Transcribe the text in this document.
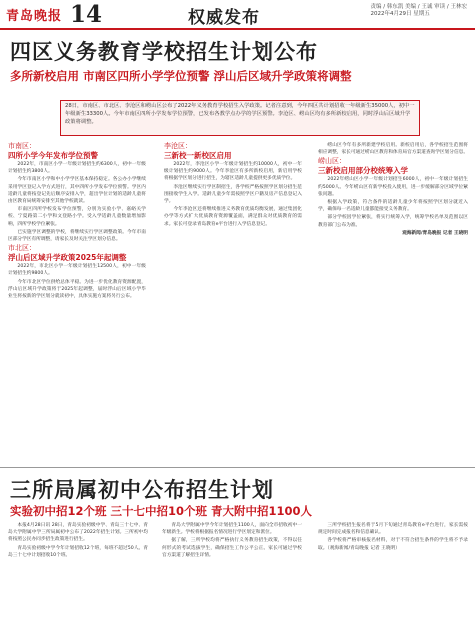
青岛晚报 14	权威发布
责编 / 韩东凯 美编 / 王诚 审读 / 王林宏
2022年4月29日 星期五
四区义务教育学校招生计划公布
多所新校启用 市南区四所小学学位预警 浮山后区域升学政策将调整
28日，市南区、市北区、李沧区和崂山区公布了2022年义务教育学校招生入学政策。记者注意到，今年四区共计划招收一年级新生35000人，初中一年级新生33300人。今年市南区四所小学发布学位预警，已发布各教学点办学的学区预警。李沧区、崂山区均有多所新校启用，同时浮山后区域升学政策将调整。

市南区：
四所小学今年发布学位预警

2022年，市南区小学一年级计划招生约6300人，初中一年级计划招生约3800人。

今年市南区小学和中小学学区基本保持稳定。各公办小学继续采用学区登记入学方式进行，其中四所小学发布学位预警。学区内适龄儿童将按登记先后顺序安排入学，超出学位计划的适龄儿童将由区教育局统筹安排至其他学校就读。

市南区四所学校发布学位预警，分别为实验小学、嘉峪关学校、宁夏路第二小学和文登路小学。受入学适龄儿童数量增加影响，四所学校学位紧张。

已实施学区调整的学校，将继续实行学区调整政策。今年市南区部分学区有所调整，请家长及时关注学区划分信息。

市北区：
浮山后区域升学政策2025年起调整

2022年，市北区小学一年级计划招生12500人，初中一年级计划招生约9800人。

今年市北区学位供给总体平稳。为进一步优化教育资源配置，浮山后区域升学政策将于2025年起调整，届时浮山后区域小学毕业生将按新的学区划分就读初中，具体实施方案将另行公布。

李沧区：
三新校一新校区启用

2022年，李沧区小学一年级计划招生约10000人，初中一年级计划招生约9000人。今年李沧区有多所新校启用，新启用学校将根据学区划分进行招生，为辖区适龄儿童提供更多优质学位。

李沧区继续实行学区制招生，各学校严格按照学区划分招生范围接收学生入学。适龄儿童少年需按照学区户籍及房产信息登记入学。

今年李沧区还将继续推进义务教育优质均衡发展，通过集团化办学等方式扩大优质教育资源覆盖面，满足群众对优质教育的需求。家长可登录青岛教育e平台进行入学信息登记。

崂山区今年有多所新建学校启用。新校启用后，各学校招生范围将相应调整，家长可通过崂山区教育和体育局官方渠道查询学区划分信息。

崂山区：
三新校启用部分校统筹入学

2022年崂山区小学一年级计划招生6000人，初中一年级计划招生约5000人。今年崂山区有新学校投入使用，进一步缓解部分区域学位紧张问题。

根据入学政策，符合条件的适龄儿童少年将按照学区划分就近入学，确保每一名适龄儿童都能接受义务教育。

部分学校因学位紧张，将实行统筹入学，统筹学校名单及范围以区教育部门公布为准。

观海新闻/青岛晚报 记者 王晓明

三所局属初中公布招生计划
实验初中招12个班 三十七中招10个班 青大附中招1100人

本报4月28日讯 28日，青岛实验初级中学、青岛三十七中、青岛大学附属中学三所局属初中公布了2022年招生计划。三所初中均将按照公民办同步招生政策进行招生。

青岛实验初级中学今年计划招收12个班，每班不超过50人。青岛三十七中计划招收10个班。

青岛大学附属中学今年计划招生1100人，面向全市招收初中一年级新生。学校将根据报名情况进行学区划定和派位。

据了解，三所学校均将严格执行义务教育招生政策，不得以任何形式的考试选拔学生，确保招生工作公平公正。家长可通过学校官方渠道了解招生详情。

三所学校招生报名将于5月下旬通过青岛教育e平台进行，家长需按规定时间完成报名和信息确认。

各学校将严格审核报名材料，对于不符合招生条件的学生将不予录取。（观海新闻/青岛晚报 记者 王晓明）
